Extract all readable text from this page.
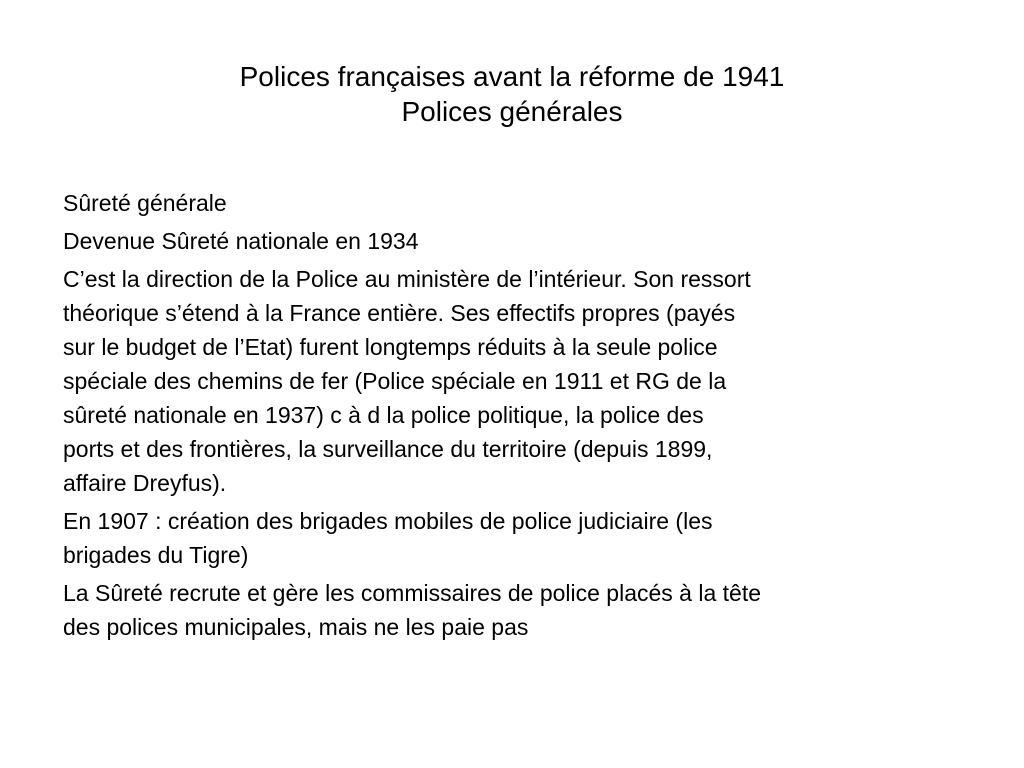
Polices françaises avant la réforme de 1941
Polices générales

Sûreté générale

Devenue Sûreté nationale en 1934

C’est la direction de la Police au ministère de l’intérieur. Son ressort
théorique s’étend à la France entière. Ses effectifs propres (payés
sur le budget de l’Etat) furent longtemps réduits à la seule police
spéciale des chemins de fer (Police spéciale en 1911 et RG de la
sûreté nationale en 1937) c à d la police politique, la police des
ports et des frontières, la surveillance du territoire (depuis 1899,
affaire Dreyfus).

En 1907 : création des brigades mobiles de police judiciaire (les
brigades du Tigre)

La Sûreté recrute et gère les commissaires de police placés à la tête
des polices municipales, mais ne les paie pas
